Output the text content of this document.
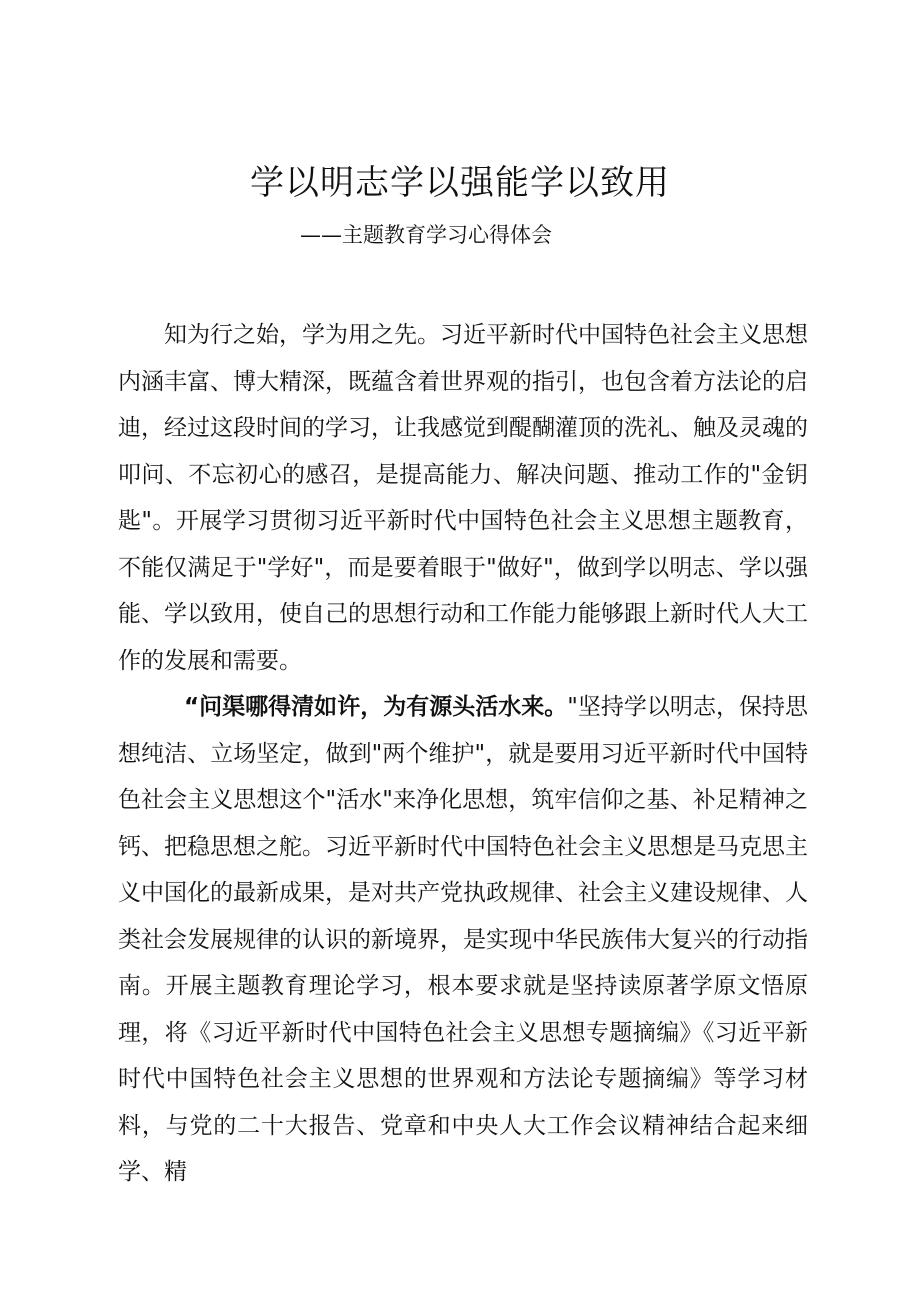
学以明志学以强能学以致用
——主题教育学习心得体会

知为行之始，学为用之先。习近平新时代中国特色社会主义思想内涵丰富、博大精深，既蕴含着世界观的指引，也包含着方法论的启迪，经过这段时间的学习，让我感觉到醍醐灌顶的洗礼、触及灵魂的叩问、不忘初心的感召，是提高能力、解决问题、推动工作的"金钥匙"。开展学习贯彻习近平新时代中国特色社会主义思想主题教育，不能仅满足于"学好"，而是要着眼于"做好"，做到学以明志、学以强能、学以致用，使自己的思想行动和工作能力能够跟上新时代人大工作的发展和需要。

“问渠哪得清如许，为有源头活水来。"坚持学以明志，保持思想纯洁、立场坚定，做到"两个维护"，就是要用习近平新时代中国特色社会主义思想这个"活水"来净化思想，筑牢信仰之基、补足精神之钙、把稳思想之舵。习近平新时代中国特色社会主义思想是马克思主义中国化的最新成果，是对共产党执政规律、社会主义建设规律、人类社会发展规律的认识的新境界，是实现中华民族伟大复兴的行动指南。开展主题教育理论学习，根本要求就是坚持读原著学原文悟原理，将《习近平新时代中国特色社会主义思想专题摘编》《习近平新时代中国特色社会主义思想的世界观和方法论专题摘编》等学习材料，与党的二十大报告、党章和中央人大工作会议精神结合起来细学、精
